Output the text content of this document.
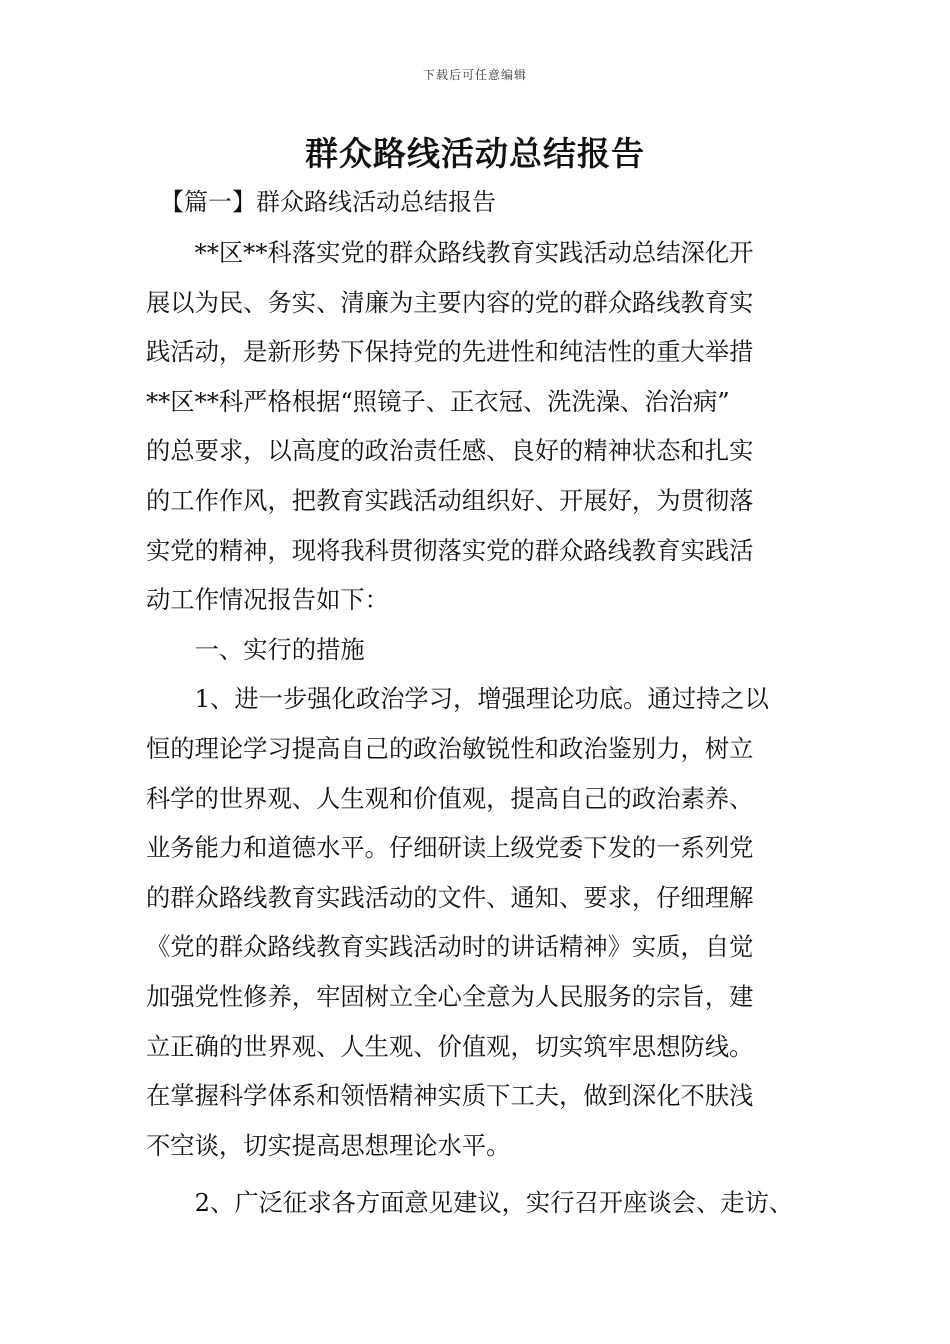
下载后可任意编辑
群众路线活动总结报告
【篇一】群众路线活动总结报告

　　**区**科落实党的群众路线教育实践活动总结深化开

展以为民、务实、清廉为主要内容的党的群众路线教育实

践活动，是新形势下保持党的先进性和纯洁性的重大举措

**区**科严格根据“照镜子、正衣冠、洗洗澡、治治病”

的总要求，以高度的政治责任感、良好的精神状态和扎实

的工作作风，把教育实践活动组织好、开展好，为贯彻落

实党的精神，现将我科贯彻落实党的群众路线教育实践活

动工作情况报告如下：

　　一、实行的措施

　　1、进一步强化政治学习，增强理论功底。通过持之以

恒的理论学习提高自己的政治敏锐性和政治鉴别力，树立

科学的世界观、人生观和价值观，提高自己的政治素养、

业务能力和道德水平。仔细研读上级党委下发的一系列党

的群众路线教育实践活动的文件、通知、要求，仔细理解

《党的群众路线教育实践活动时的讲话精神》实质，自觉

加强党性修养，牢固树立全心全意为人民服务的宗旨，建

立正确的世界观、人生观、价值观，切实筑牢思想防线。

在掌握科学体系和领悟精神实质下工夫，做到深化不肤浅

不空谈，切实提高思想理论水平。

　　2、广泛征求各方面意见建议，实行召开座谈会、走访、
